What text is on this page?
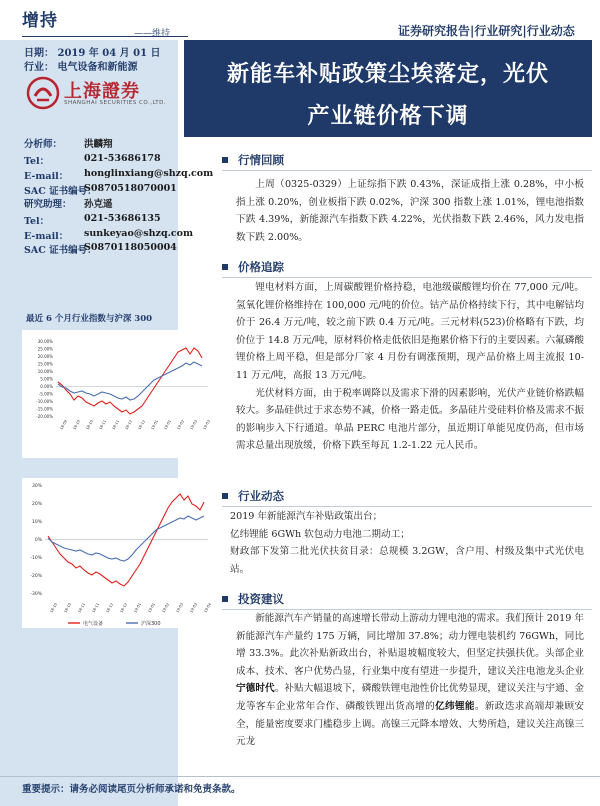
增持
——维持	证券研究报告|行业研究|行业动态
新能车补贴政策尘埃落定，光伏
产业链价格下调
日期： 2019 年 04 月 01 日
行业： 电气设备和新能源
上海證券
SHANGHAI SECURITIES CO.,LTD.
分析师： 洪麟翔
Tel：	021-53686178
E-mail： honglinxiang@shzq.com
SAC 证书编号：
S0870518070001
研究助理： 孙克遥
Tel：	021-53686135
E-mail： sunkeyao@shzq.com
SAC 证书编号：
S0870118050004
最近 6 个月行业指数与沪深 300
30.00%
25.00%
20.00%
15.00%
10.00%
5.00%
0.00%
-5.00%
-10.00%
-15.00%
-20.00%
18-09 18-10 18-10 18-11 18-11 18-12 18-12 19-01 19-01 19-02 19-03 19-03
30%
20%
10%
0%
-10%
-20%
-30%
18-10 18-10 18-11 18-11 18-12 18-12 19-01 19-01 19-02 19-03 19-03 19-04
电气设备	沪深300
行情回顾

上周（0325-0329）上证综指下跌 0.43%，深证成指上涨 0.28%，中小板指上涨 0.20%，创业板指下跌 0.02%，沪深 300 指数上涨 1.01%，锂电池指数下跌 4.39%，新能源汽车指数下跌 4.22%，光伏指数下跌 2.46%，风力发电指数下跌 2.00%。

价格追踪

锂电材料方面，上周碳酸锂价格持稳，电池级碳酸锂均价在 77,000 元/吨。氢氧化锂价格维持在 100,000 元/吨的价位。钴产品价格持续下行，其中电解钴均价于 26.4 万元/吨，较之前下跌 0.4 万元/吨。三元材料(523)价格略有下跌，均价位于 14.8 万元/吨，原材料价格走低依旧是拖累价格下行的主要因素。六氟磷酸锂价格上周平稳，但是部分厂家 4 月份有调涨预期，现产品价格上周主流报 10-11 万元/吨，高报 13 万元/吨。

光伏材料方面，由于税率调降以及需求下滑的因素影响，光伏产业链价格跌幅较大。多晶硅供过于求态势不减，价格一路走低。多晶硅片受硅料价格及需求不振的影响步入下行通道。单晶 PERC 电池片部分，虽近期订单能见度仍高，但市场需求总量出现放缓，价格下跌至每瓦 1.2-1.22 元人民币。

行业动态

2019 年新能源汽车补贴政策出台；

亿纬锂能 6GWh 软包动力电池二期动工；

财政部下发第二批光伏扶贫目录：总规模 3.2GW，含户用、村级及集中式光伏电站。

投资建议

新能源汽车产销量的高速增长带动上游动力锂电池的需求。我们预计 2019 年新能源汽车产量约 175 万辆，同比增加 37.8%；动力锂电装机约 76GWh，同比增 33.3%。此次补贴新政出台，补贴退坡幅度较大，但坚定扶强扶优。头部企业成本、技术、客户优势凸显，行业集中度有望进一步提升，建议关注电池龙头企业宁德时代。补贴大幅退坡下，磷酸铁锂电池性价比优势显现，建议关注与宇通、金龙等客车企业常年合作、磷酸铁锂出货高增的亿纬锂能。新政迭求高端却兼顾安全，能量密度要求门槛稳步上调。高镍三元降本增效、大势所趋，建议关注高镍三元龙

重要提示：请务必阅读尾页分析师承诺和免责条款。
